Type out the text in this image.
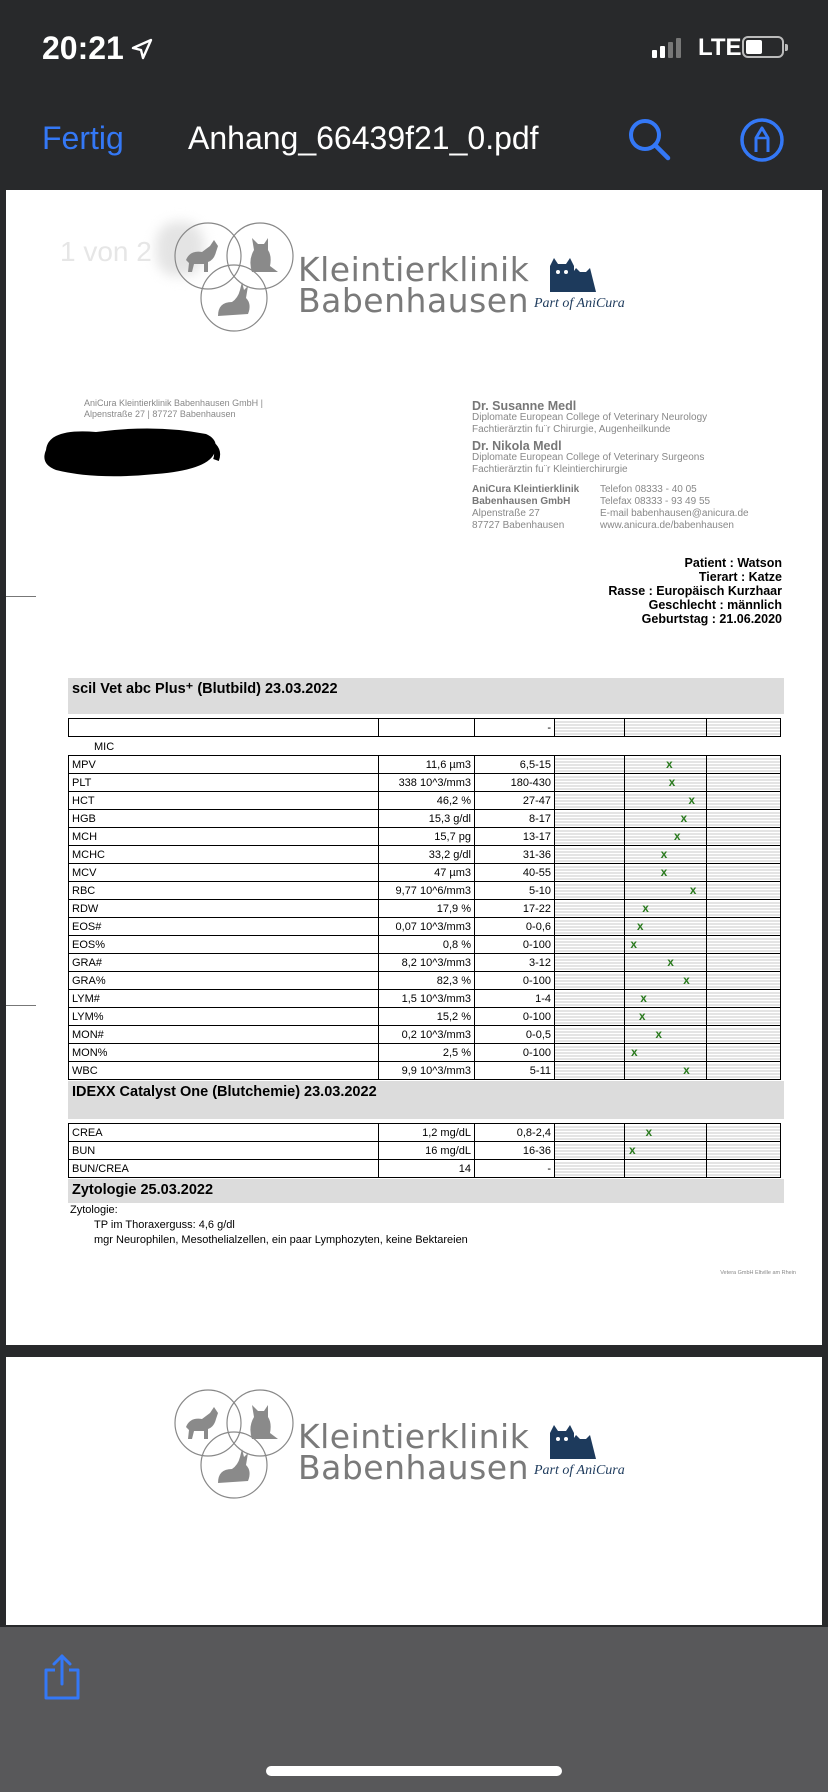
20:21	LTE
Fertig Anhang_66439f21_0.pdf
1 von 2	Kleintierklinik
Babenhausen Part of AniCura
AniCura Kleintierklinik Babenhausen GmbH |
Alpenstraße 27 | 87727 Babenhausen
Dr. Susanne Medl
Diplomate European College of Veterinary Neurology
Fachtierärztin fu¨r Chirurgie, Augenheilkunde
Dr. Nikola Medl
Diplomate European College of Veterinary Surgeons
Fachtierärztin fu¨r Kleintierchirurgie
AniCura Kleintierklinik
Babenhausen GmbH
Alpenstraße 27
87727 Babenhausen
Telefon 08333 - 40 05
Telefax 08333 - 93 49 55
E-mail babenhausen@anicura.de
www.anicura.de/babenhausen
Patient : Watson
Tierart : Katze
Rasse : Europäisch Kurzhaar
Geschlecht : männlich
Geburtstag : 21.06.2020
scil Vet abc Plus⁺ (Blutbild) 23.03.2022
		-			
MIC
MPV	11,6 µm3	6,5-15		x	

PLT	338 10^3/mm3	180-430		x	

HCT	46,2 %	27-47		x	

HGB	15,3 g/dl	8-17		x	

MCH	15,7 pg	13-17		x	

MCHC	33,2 g/dl	31-36		x	

MCV	47 µm3	40-55		x	

RBC	9,77 10^6/mm3	5-10		x	

RDW	17,9 %	17-22		x	

EOS#	0,07 10^3/mm3	0-0,6		x	

EOS%	0,8 %	0-100		x	

GRA#	8,2 10^3/mm3	3-12		x	

GRA%	82,3 %	0-100		x	

LYM#	1,5 10^3/mm3	1-4		x	

LYM%	15,2 %	0-100		x	

MON#	0,2 10^3/mm3	0-0,5		x	

MON%	2,5 %	0-100		x	

WBC	9,9 10^3/mm3	5-11		x	

IDEXX Catalyst One (Blutchemie) 23.03.2022
CREA	1,2 mg/dL	0,8-2,4		x	

BUN	16 mg/dL	16-36		x	

BUN/CREA	14	-			
Zytologie 25.03.2022
Zytologie:
TP im Thoraxerguss: 4,6 g/dl
mgr Neurophilen, Mesothelialzellen, ein paar Lymphozyten, keine Bektareien
Vetera GmbH Eltville am Rhein
Kleintierklinik
Babenhausen Part of AniCura
